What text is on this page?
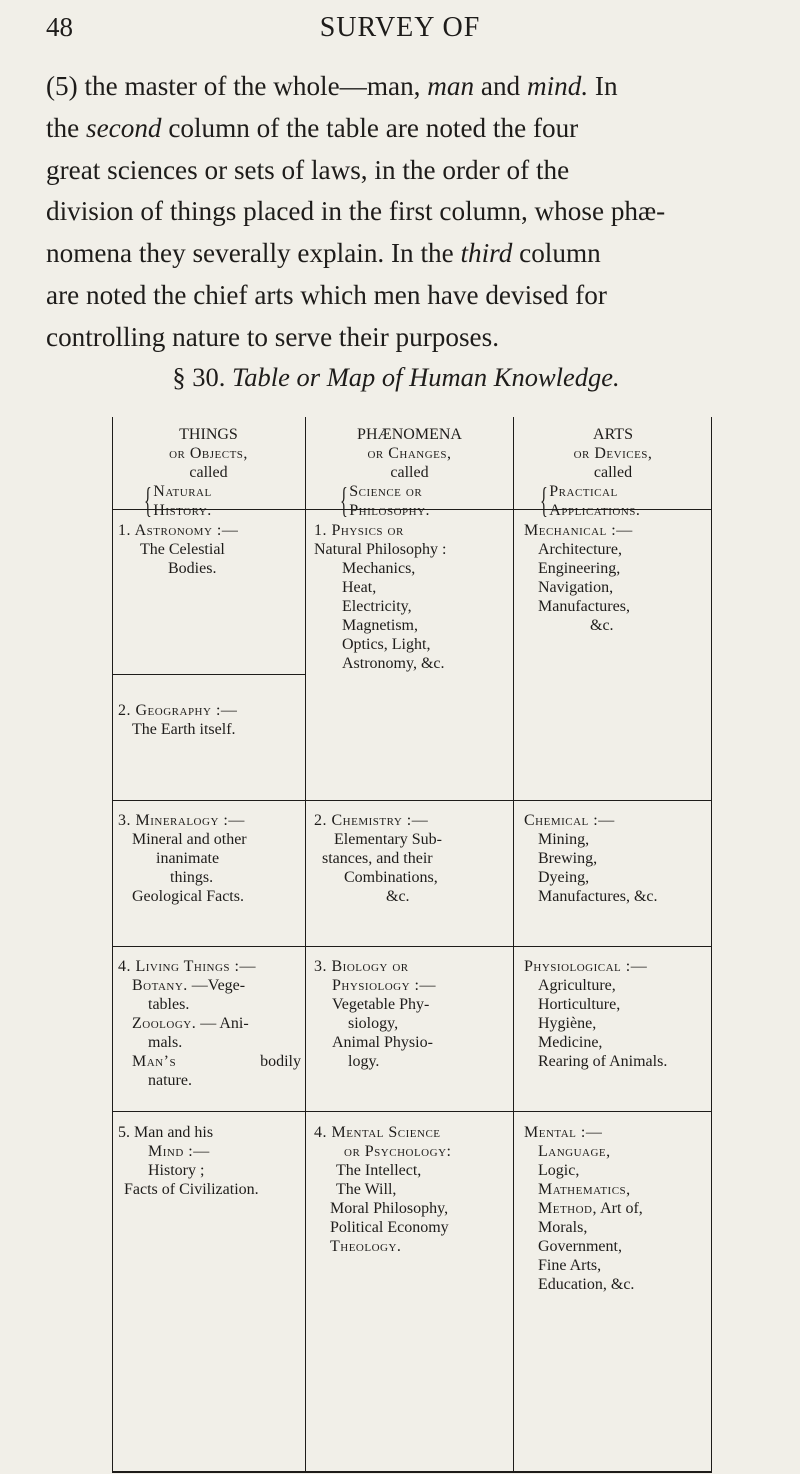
48	SURVEY OF

(5) the master of the whole—man, man and mind. In

the second column of the table are noted the four

great sciences or sets of laws, in the order of the

division of things placed in the first column, whose phæ-

nomena they severally explain. In the third column

are noted the chief arts which men have devised for

controlling nature to serve their purposes.

§ 30. Table or Map of Human Knowledge.
THINGS
or Objects,
called
{ Natural
History.
PHÆNOMENA
or Changes,
called
{ Science or
Philosophy.
ARTS
or Devices,
called
{ Practical
Applications.
1. Astronomy :—
The Celestial
Bodies.
2. Geography :—
The Earth itself.
3. Mineralogy :—
Mineral and other
inanimate
things.
Geological Facts.
4. Living Things :—
Botany. —Vege-
tables.
Zoology. — Ani-
mals.
Man’s	bodily
nature.
5. Man and his
Mind :—
History ;
Facts of Civilization.
1. Physics or
Natural Philosophy :
Mechanics,
Heat,
Electricity,
Magnetism,
Optics, Light,
Astronomy, &c.
2. Chemistry :—
Elementary Sub-
stances, and their
Combinations,
&c.
3. Biology or
Physiology :—
Vegetable Phy-
siology,
Animal Physio-
logy.
4. Mental Science
or Psychology:
The Intellect,
The Will,
Moral Philosophy,
Political Economy
Theology.
Mechanical :—
Architecture,
Engineering,
Navigation,
Manufactures,
&c.
Chemical :—
Mining,
Brewing,
Dyeing,
Manufactures, &c.
Physiological :—
Agriculture,
Horticulture,
Hygiène,
Medicine,
Rearing of Animals.
Mental :—
Language,
Logic,
Mathematics,
Method, Art of,
Morals,
Government,
Fine Arts,
Education, &c.
